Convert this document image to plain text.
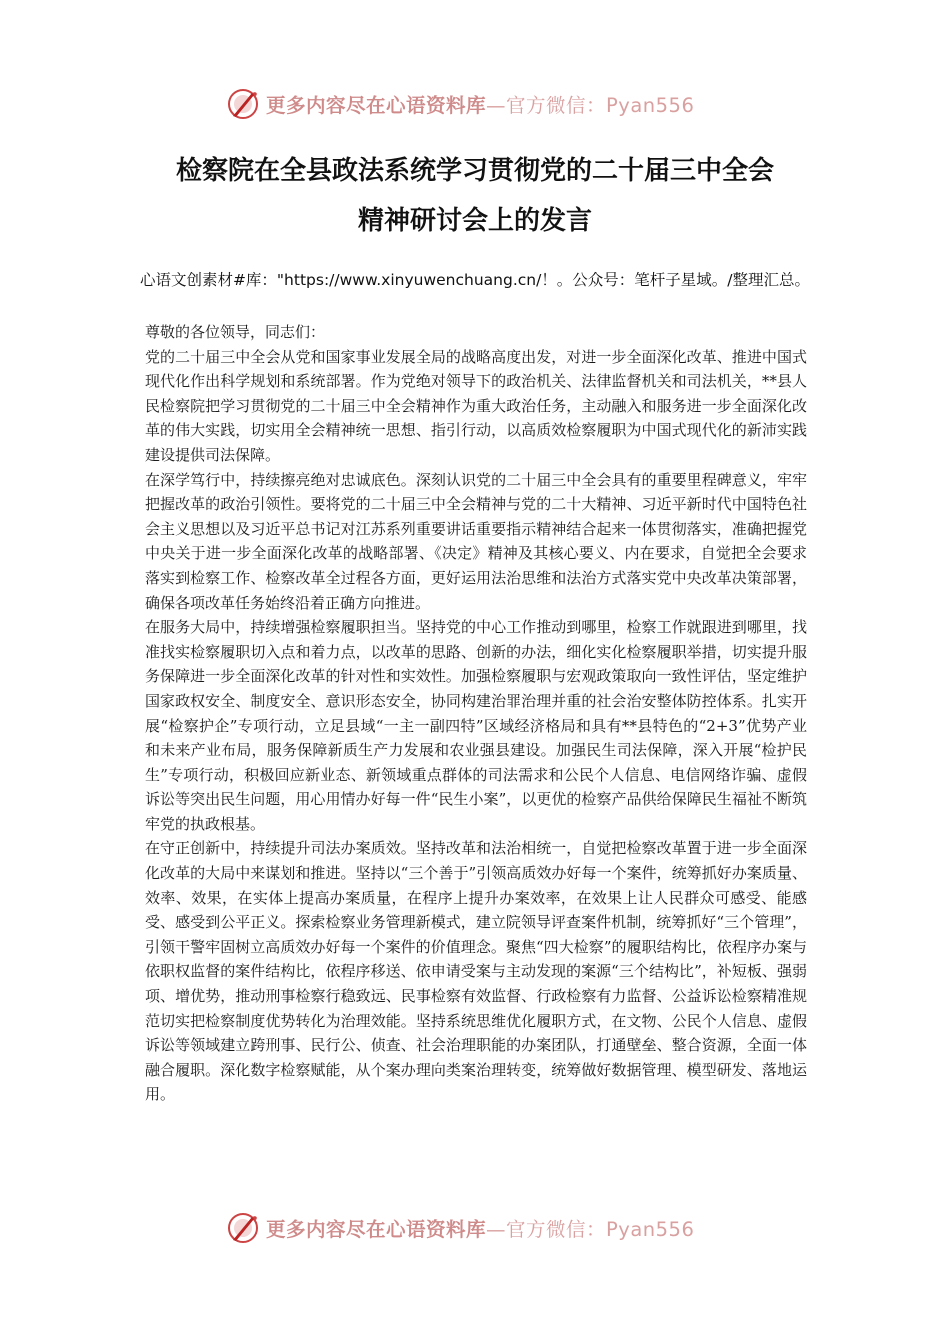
更多内容尽在心语资料库—官方微信：Pyan556
检察院在全县政法系统学习贯彻党的二十届三中全会
精神研讨会上的发言
心语文创素材#库："https://www.xinyuwenchuang.cn/！。公众号：笔杆子星域。/整理汇总。

尊敬的各位领导，同志们：

党的二十届三中全会从党和国家事业发展全局的战略高度出发，对进一步全面深化改革、推进中国式现代化作出科学规划和系统部署。作为党绝对领导下的政治机关、法律监督机关和司法机关，**县人民检察院把学习贯彻党的二十届三中全会精神作为重大政治任务，主动融入和服务进一步全面深化改革的伟大实践，切实用全会精神统一思想、指引行动，以高质效检察履职为中国式现代化的新沛实践建设提供司法保障。

在深学笃行中，持续擦亮绝对忠诚底色。深刻认识党的二十届三中全会具有的重要里程碑意义，牢牢把握改革的政治引领性。要将党的二十届三中全会精神与党的二十大精神、习近平新时代中国特色社会主义思想以及习近平总书记对江苏系列重要讲话重要指示精神结合起来一体贯彻落实，准确把握党中央关于进一步全面深化改革的战略部署、《决定》精神及其核心要义、内在要求，自觉把全会要求落实到检察工作、检察改革全过程各方面，更好运用法治思维和法治方式落实党中央改革决策部署，确保各项改革任务始终沿着正确方向推进。

在服务大局中，持续增强检察履职担当。坚持党的中心工作推动到哪里，检察工作就跟进到哪里，找准找实检察履职切入点和着力点，以改革的思路、创新的办法，细化实化检察履职举措，切实提升服务保障进一步全面深化改革的针对性和实效性。加强检察履职与宏观政策取向一致性评估，坚定维护国家政权安全、制度安全、意识形态安全，协同构建治罪治理并重的社会治安整体防控体系。扎实开展“检察护企”专项行动，立足县域“一主一副四特”区域经济格局和具有**县特色的“2+3”优势产业和未来产业布局，服务保障新质生产力发展和农业强县建设。加强民生司法保障，深入开展“检护民生”专项行动，积极回应新业态、新领域重点群体的司法需求和公民个人信息、电信网络诈骗、虚假诉讼等突出民生问题，用心用情办好每一件“民生小案”，以更优的检察产品供给保障民生福祉不断筑牢党的执政根基。

在守正创新中，持续提升司法办案质效。坚持改革和法治相统一，自觉把检察改革置于进一步全面深化改革的大局中来谋划和推进。坚持以“三个善于”引领高质效办好每一个案件，统筹抓好办案质量、效率、效果，在实体上提高办案质量，在程序上提升办案效率，在效果上让人民群众可感受、能感受、感受到公平正义。探索检察业务管理新模式，建立院领导评查案件机制，统筹抓好“三个管理”，引领干警牢固树立高质效办好每一个案件的价值理念。聚焦“四大检察”的履职结构比，依程序办案与依职权监督的案件结构比，依程序移送、依申请受案与主动发现的案源“三个结构比”，补短板、强弱项、增优势，推动刑事检察行稳致远、民事检察有效监督、行政检察有力监督、公益诉讼检察精准规范切实把检察制度优势转化为治理效能。坚持系统思维优化履职方式，在文物、公民个人信息、虚假诉讼等领域建立跨刑事、民行公、侦查、社会治理职能的办案团队，打通壁垒、整合资源，全面一体融合履职。深化数字检察赋能，从个案办理向类案治理转变，统筹做好数据管理、模型研发、落地运用。

更多内容尽在心语资料库—官方微信：Pyan556
